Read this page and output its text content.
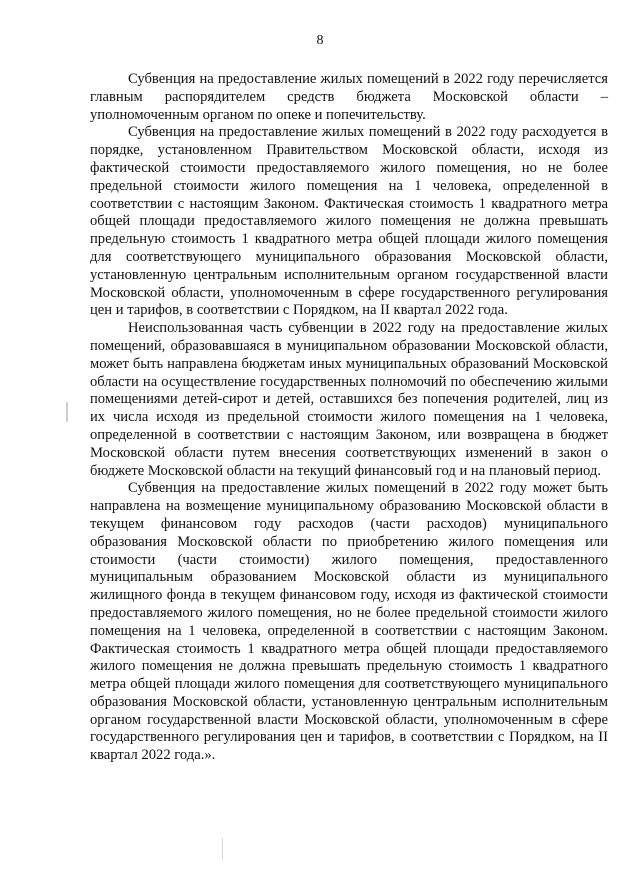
8

Субвенция на предоставление жилых помещений в 2022 году перечисляется главным распорядителем средств бюджета Московской области – уполномоченным органом по опеке и попечительству.

Субвенция на предоставление жилых помещений в 2022 году расходуется в порядке, установленном Правительством Московской области, исходя из фактической стоимости предоставляемого жилого помещения, но не более предельной стоимости жилого помещения на 1 человека, определенной в соответствии с настоящим Законом. Фактическая стоимость 1 квадратного метра общей площади предоставляемого жилого помещения не должна превышать предельную стоимость 1 квадратного метра общей площади жилого помещения для соответствующего муниципального образования Московской области, установленную центральным исполнительным органом государственной власти Московской области, уполномоченным в сфере государственного регулирования цен и тарифов, в соответствии с Порядком, на II квартал 2022 года.

Неиспользованная часть субвенции в 2022 году на предоставление жилых помещений, образовавшаяся в муниципальном образовании Московской области, может быть направлена бюджетам иных муниципальных образований Московской области на осуществление государственных полномочий по обеспечению жилыми помещениями детей-сирот и детей, оставшихся без попечения родителей, лиц из их числа исходя из предельной стоимости жилого помещения на 1 человека, определенной в соответствии с настоящим Законом, или возвращена в бюджет Московской области путем внесения соответствующих изменений в закон о бюджете Московской области на текущий финансовый год и на плановый период.

Субвенция на предоставление жилых помещений в 2022 году может быть направлена на возмещение муниципальному образованию Московской области в текущем финансовом году расходов (части расходов) муниципального образования Московской области по приобретению жилого помещения или стоимости (части стоимости) жилого помещения, предоставленного муниципальным образованием Московской области из муниципального жилищного фонда в текущем финансовом году, исходя из фактической стоимости предоставляемого жилого помещения, но не более предельной стоимости жилого помещения на 1 человека, определенной в соответствии с настоящим Законом. Фактическая стоимость 1 квадратного метра общей площади предоставляемого жилого помещения не должна превышать предельную стоимость 1 квадратного метра общей площади жилого помещения для соответствующего муниципального образования Московской области, установленную центральным исполнительным органом государственной власти Московской области, уполномоченным в сфере государственного регулирования цен и тарифов, в соответствии с Порядком, на II квартал 2022 года.».
